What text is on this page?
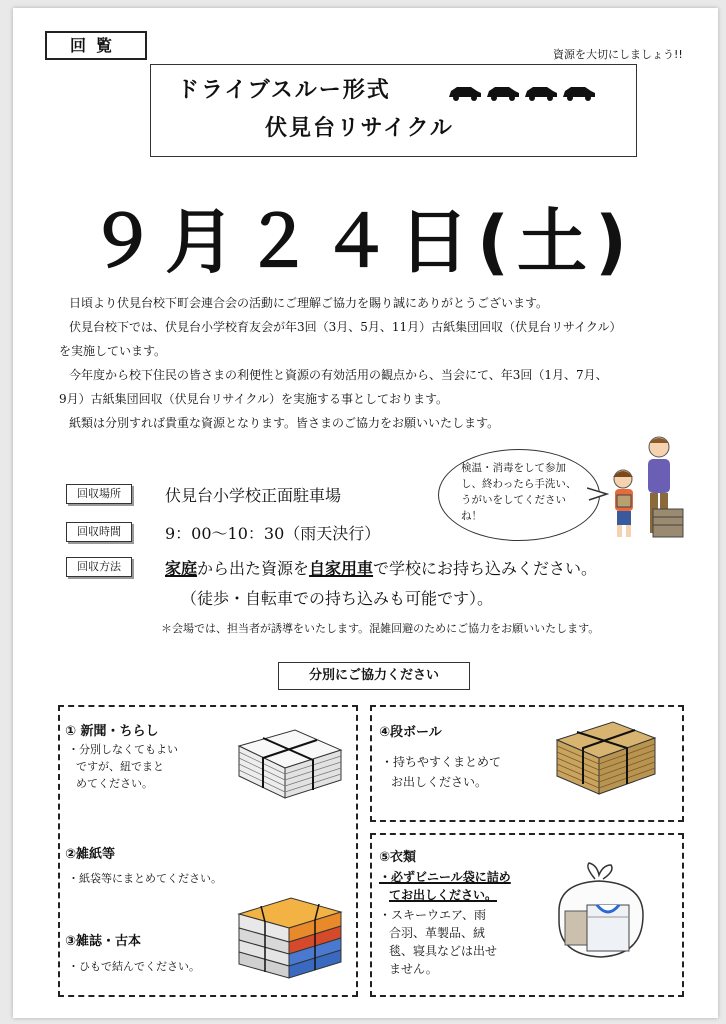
回覧	資源を大切にしましょう!!
ドライブスルー形式
伏見台リサイクル
９月２４日(土)

日頃より伏見台校下町会連合会の活動にご理解ご協力を賜り誠にありがとうございます。

伏見台校下では、伏見台小学校育友会が年3回（3月、5月、11月）古紙集団回収（伏見台リサイクル）

を実施しています。

今年度から校下住民の皆さまの利便性と資源の有効活用の観点から、当会にて、年3回（1月、7月、

9月）古紙集団回収（伏見台リサイクル）を実施する事としております。

紙類は分別すれば貴重な資源となります。皆さまのご協力をお願いいたします。

検温・消毒をして参加し、終わったら手洗い、うがいをしてくださいね！
回収場所	伏見台小学校正面駐車場
回収時間	9：00～10：30（雨天決行）
回収方法	家庭から出た資源を自家用車で学校にお持ち込みください。
（徒歩・自転車での持ち込みも可能です）。
＊会場では、担当者が誘導をいたします。混雑回避のためにご協力をお願いいたします。
分別にご協力ください
① 新聞・ちらし
・分別しなくてもよい
ですが、紐でまと
めてください。
②雑紙等
・紙袋等にまとめてください。
③雑誌・古本
・ひもで結んでください。
④段ボール
・持ちやすくまとめて
お出しください。
⑤衣類
・必ずビニール袋に詰め
てお出しください。
・スキーウエア、雨
合羽、革製品、絨
毯、寝具などは出せ
ません。
